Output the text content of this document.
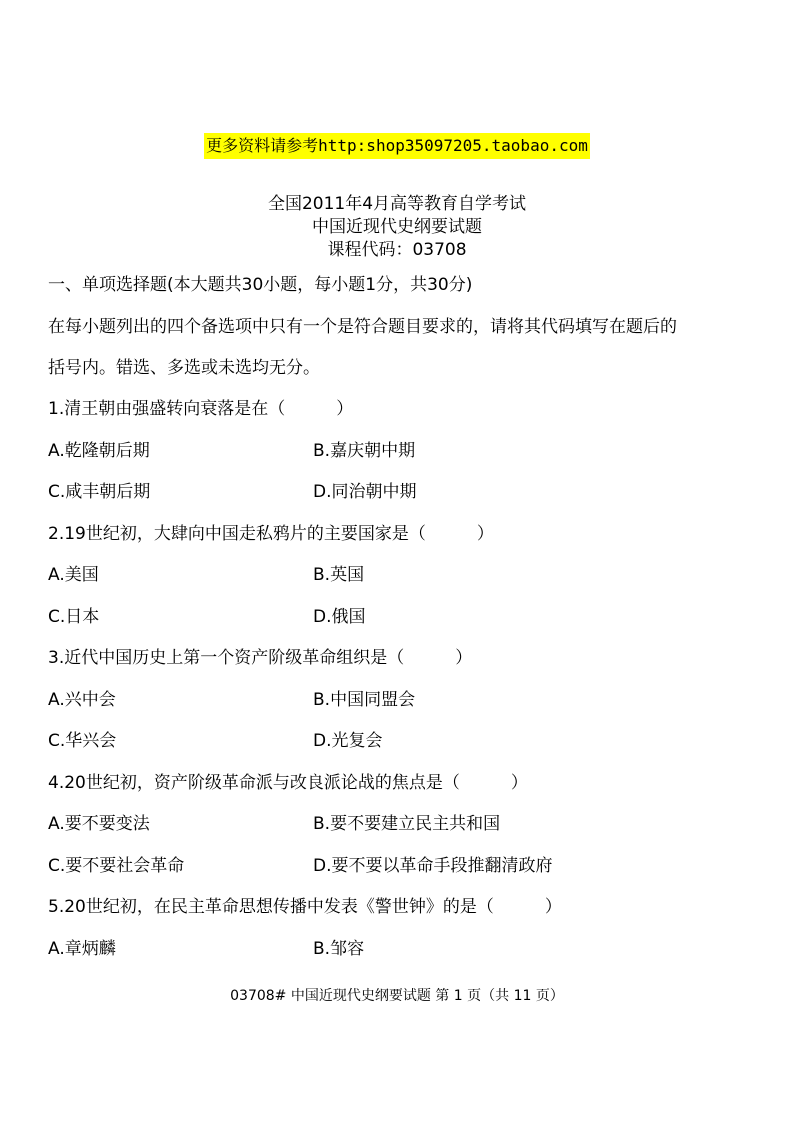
更多资料请参考http:shop35097205.taobao.com
全国2011年4月高等教育自学考试
中国近现代史纲要试题
课程代码：03708
一、单项选择题(本大题共30小题，每小题1分，共30分)
在每小题列出的四个备选项中只有一个是符合题目要求的，请将其代码填写在题后的
括号内。错选、多选或未选均无分。
1.清王朝由强盛转向衰落是在（　　　）
A.乾隆朝后期	B.嘉庆朝中期
C.咸丰朝后期	D.同治朝中期
2.19世纪初，大肆向中国走私鸦片的主要国家是（　　　）
A.美国	B.英国
C.日本	D.俄国
3.近代中国历史上第一个资产阶级革命组织是（　　　）
A.兴中会	B.中国同盟会
C.华兴会	D.光复会
4.20世纪初，资产阶级革命派与改良派论战的焦点是（　　　）
A.要不要变法	B.要不要建立民主共和国
C.要不要社会革命	D.要不要以革命手段推翻清政府
5.20世纪初，在民主革命思想传播中发表《警世钟》的是（　　　）
A.章炳麟	B.邹容
03708# 中国近现代史纲要试题 第 1 页（共 11 页）
